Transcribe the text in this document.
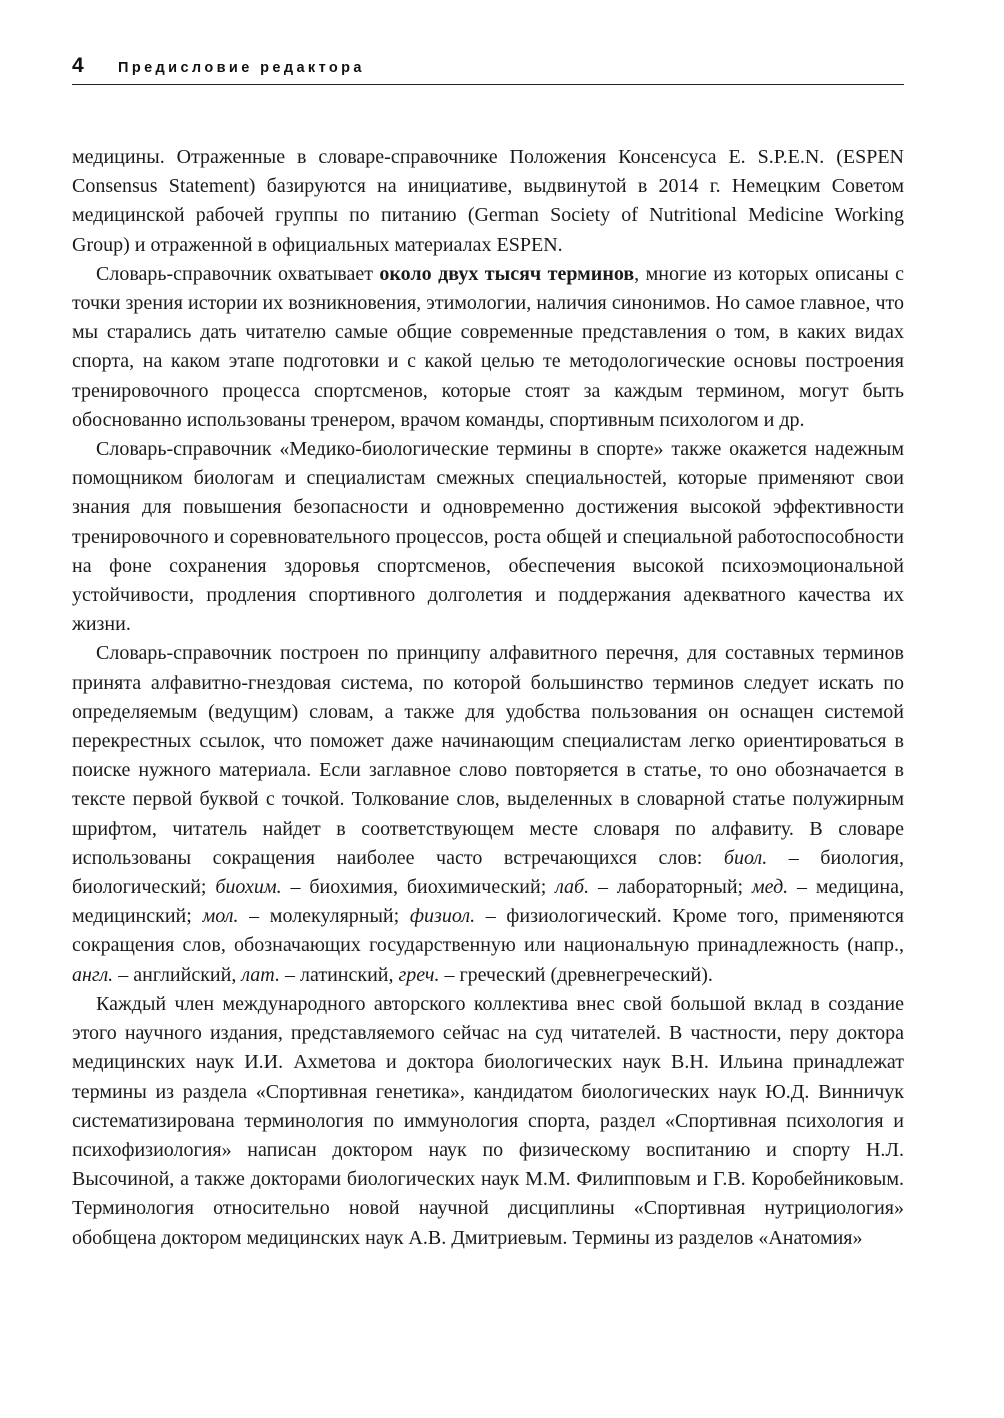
4 Предисловие редактора

медицины. Отраженные в словаре-справочнике Положения Консенсуса E. S.P.E.N. (ESPEN Consensus Statement) базируются на инициативе, выдвинутой в 2014 г. Немецким Советом медицинской рабочей группы по питанию (German Society of Nutritional Medicine Working Group) и отраженной в официальных материалах ESPEN.

Словарь-справочник охватывает около двух тысяч терминов, многие из которых описаны с точки зрения истории их возникновения, этимологии, наличия синонимов. Но самое главное, что мы старались дать читателю самые общие современные представления о том, в каких видах спорта, на каком этапе подготовки и с какой целью те методологические основы построения тренировочного процесса спортсменов, которые стоят за каждым термином, могут быть обоснованно использованы тренером, врачом команды, спортивным психологом и др.

Словарь-справочник «Медико-биологические термины в спорте» также окажется надежным помощником биологам и специалистам смежных специальностей, которые применяют свои знания для повышения безопасности и одновременно достижения высокой эффективности тренировочного и соревновательного процессов, роста общей и специальной работоспособности на фоне сохранения здоровья спортсменов, обеспечения высокой психоэмоциональной устойчивости, продления спортивного долголетия и поддержания адекватного качества их жизни.

Словарь-справочник построен по принципу алфавитного перечня, для составных терминов принята алфавитно-гнездовая система, по которой большинство терминов следует искать по определяемым (ведущим) словам, а также для удобства пользования он оснащен системой перекрестных ссылок, что поможет даже начинающим специалистам легко ориентироваться в поиске нужного материала. Если заглавное слово повторяется в статье, то оно обозначается в тексте первой буквой с точкой. Толкование слов, выделенных в словарной статье полужирным шрифтом, читатель найдет в соответствующем месте словаря по алфавиту. В словаре использованы сокращения наиболее часто встречающихся слов: биол. – биология, биологический; биохим. – биохимия, биохимический; лаб. – лабораторный; мед. – медицина, медицинский; мол. – молекулярный; физиол. – физиологический. Кроме того, применяются сокращения слов, обозначающих государственную или национальную принадлежность (напр., англ. – английский, лат. – латинский, греч. – греческий (древнегреческий).

Каждый член международного авторского коллектива внес свой большой вклад в создание этого научного издания, представляемого сейчас на суд читателей. В частности, перу доктора медицинских наук И.И. Ахметова и доктора биологических наук В.Н. Ильина принадлежат термины из раздела «Спортивная генетика», кандидатом биологических наук Ю.Д. Винничук систематизирована терминология по иммунология спорта, раздел «Спортивная психология и психофизиология» написан доктором наук по физическому воспитанию и спорту Н.Л. Высочиной, а также докторами биологических наук М.М. Филипповым и Г.В. Коробейниковым. Терминология относительно новой научной дисциплины «Спортивная нутрициология» обобщена доктором медицинских наук А.В. Дмитриевым. Термины из разделов «Анатомия»
